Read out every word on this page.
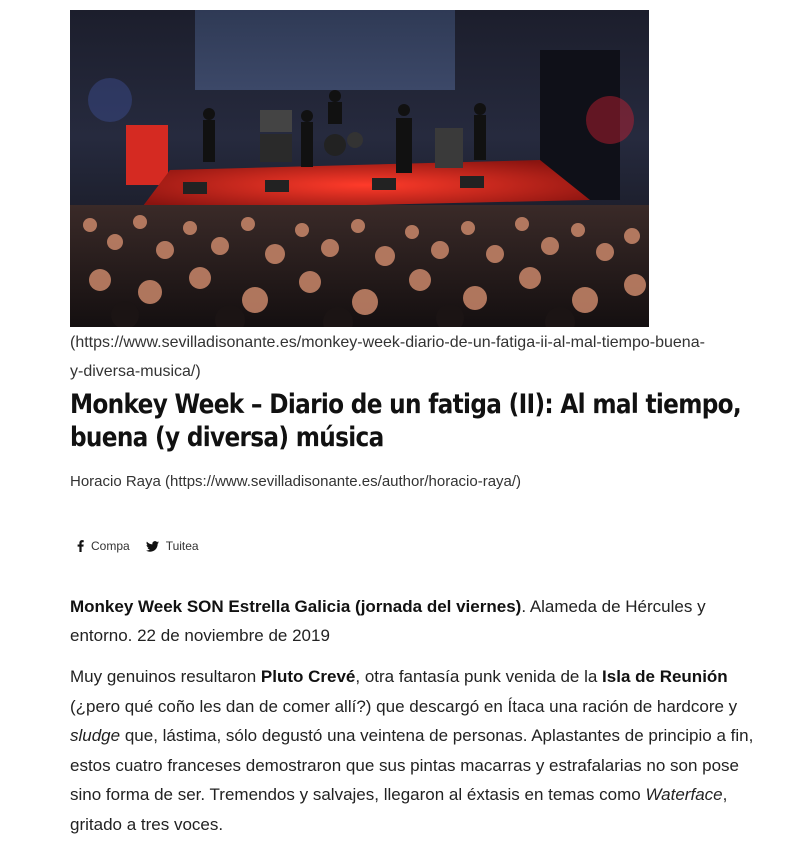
(https://www.sevilladisonante.es/monkey-week-diario-de-un-fatiga-ii-al-mal-tiempo-buena-y-diversa-musica/)
Monkey Week – Diario de un fatiga (II): Al mal tiempo, buena (y diversa) música
Horacio Raya (https://www.sevilladisonante.es/author/horacio-raya/)
Compa	Tuitea

Monkey Week SON Estrella Galicia (jornada del viernes). Alameda de Hércules y entorno. 22 de noviembre de 2019

Muy genuinos resultaron Pluto Crevé, otra fantasía punk venida de la Isla de Reunión (¿pero qué coño les dan de comer allí?) que descargó en Ítaca una ración de hardcore y sludge que, lástima, sólo degustó una veintena de personas. Aplastantes de principio a fin, estos cuatro franceses demostraron que sus pintas macarras y estrafalarias no son pose sino forma de ser. Tremendos y salvajes, llegaron al éxtasis en temas como Waterface, gritado a tres voces.
